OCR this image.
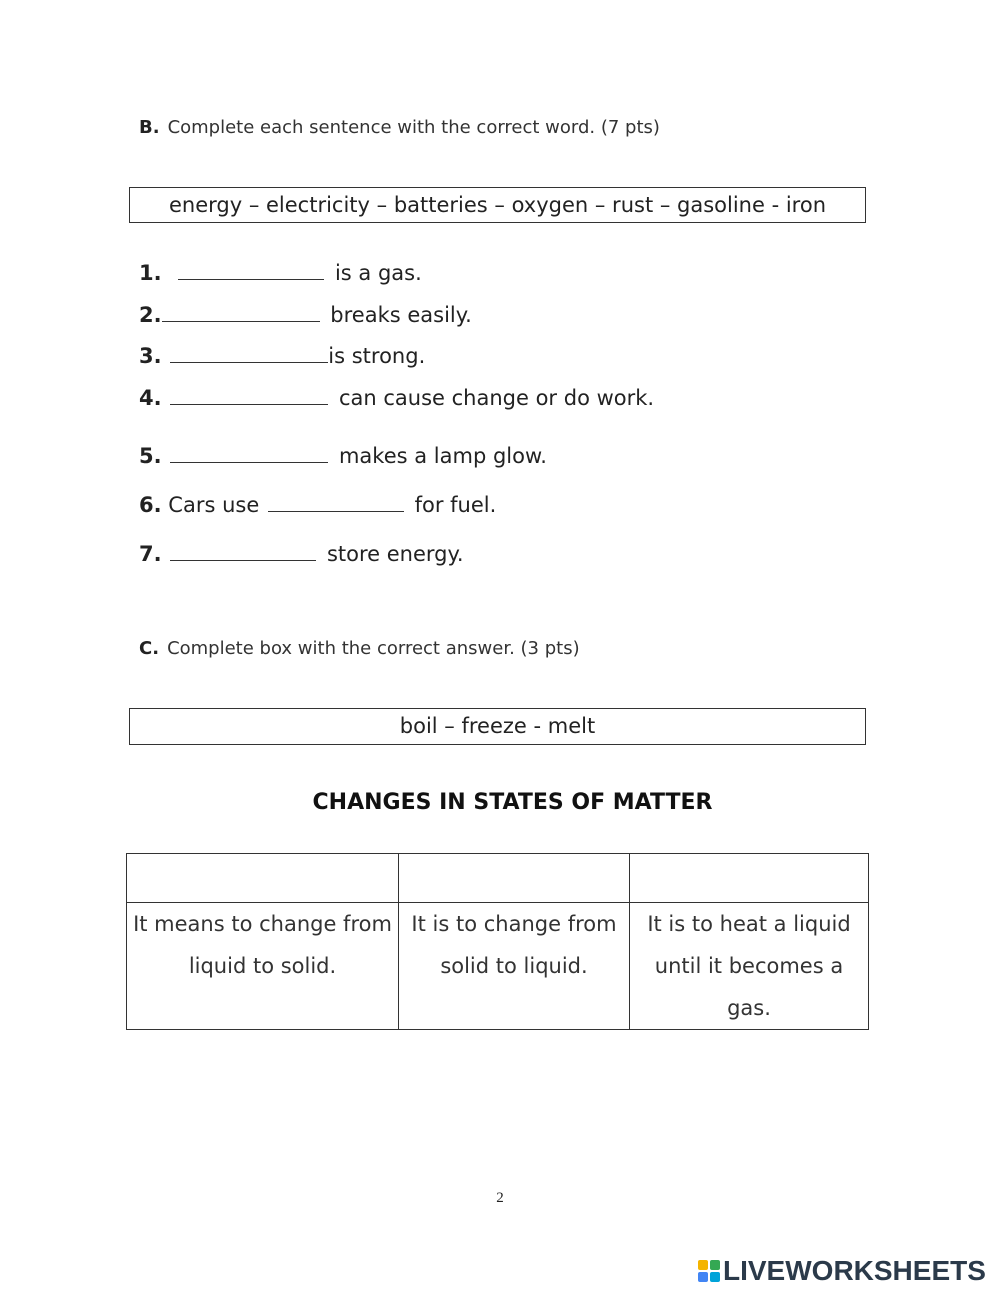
B. Complete each sentence with the correct word. (7 pts)
energy – electricity – batteries – oxygen – rust – gasoline - iron
1.	is a gas.
2.	breaks easily.
3.	is strong.
4.	can cause change or do work.
5.	makes a lamp glow.
6. Cars use	for fuel.
7.	store energy.
C. Complete box with the correct answer. (3 pts)
boil – freeze - melt
CHANGES IN STATES OF MATTER

It means to change from liquid to solid.	It is to change from solid to liquid.	It is to heat a liquid until it becomes a gas.
2
LIVEWORKSHEETS
